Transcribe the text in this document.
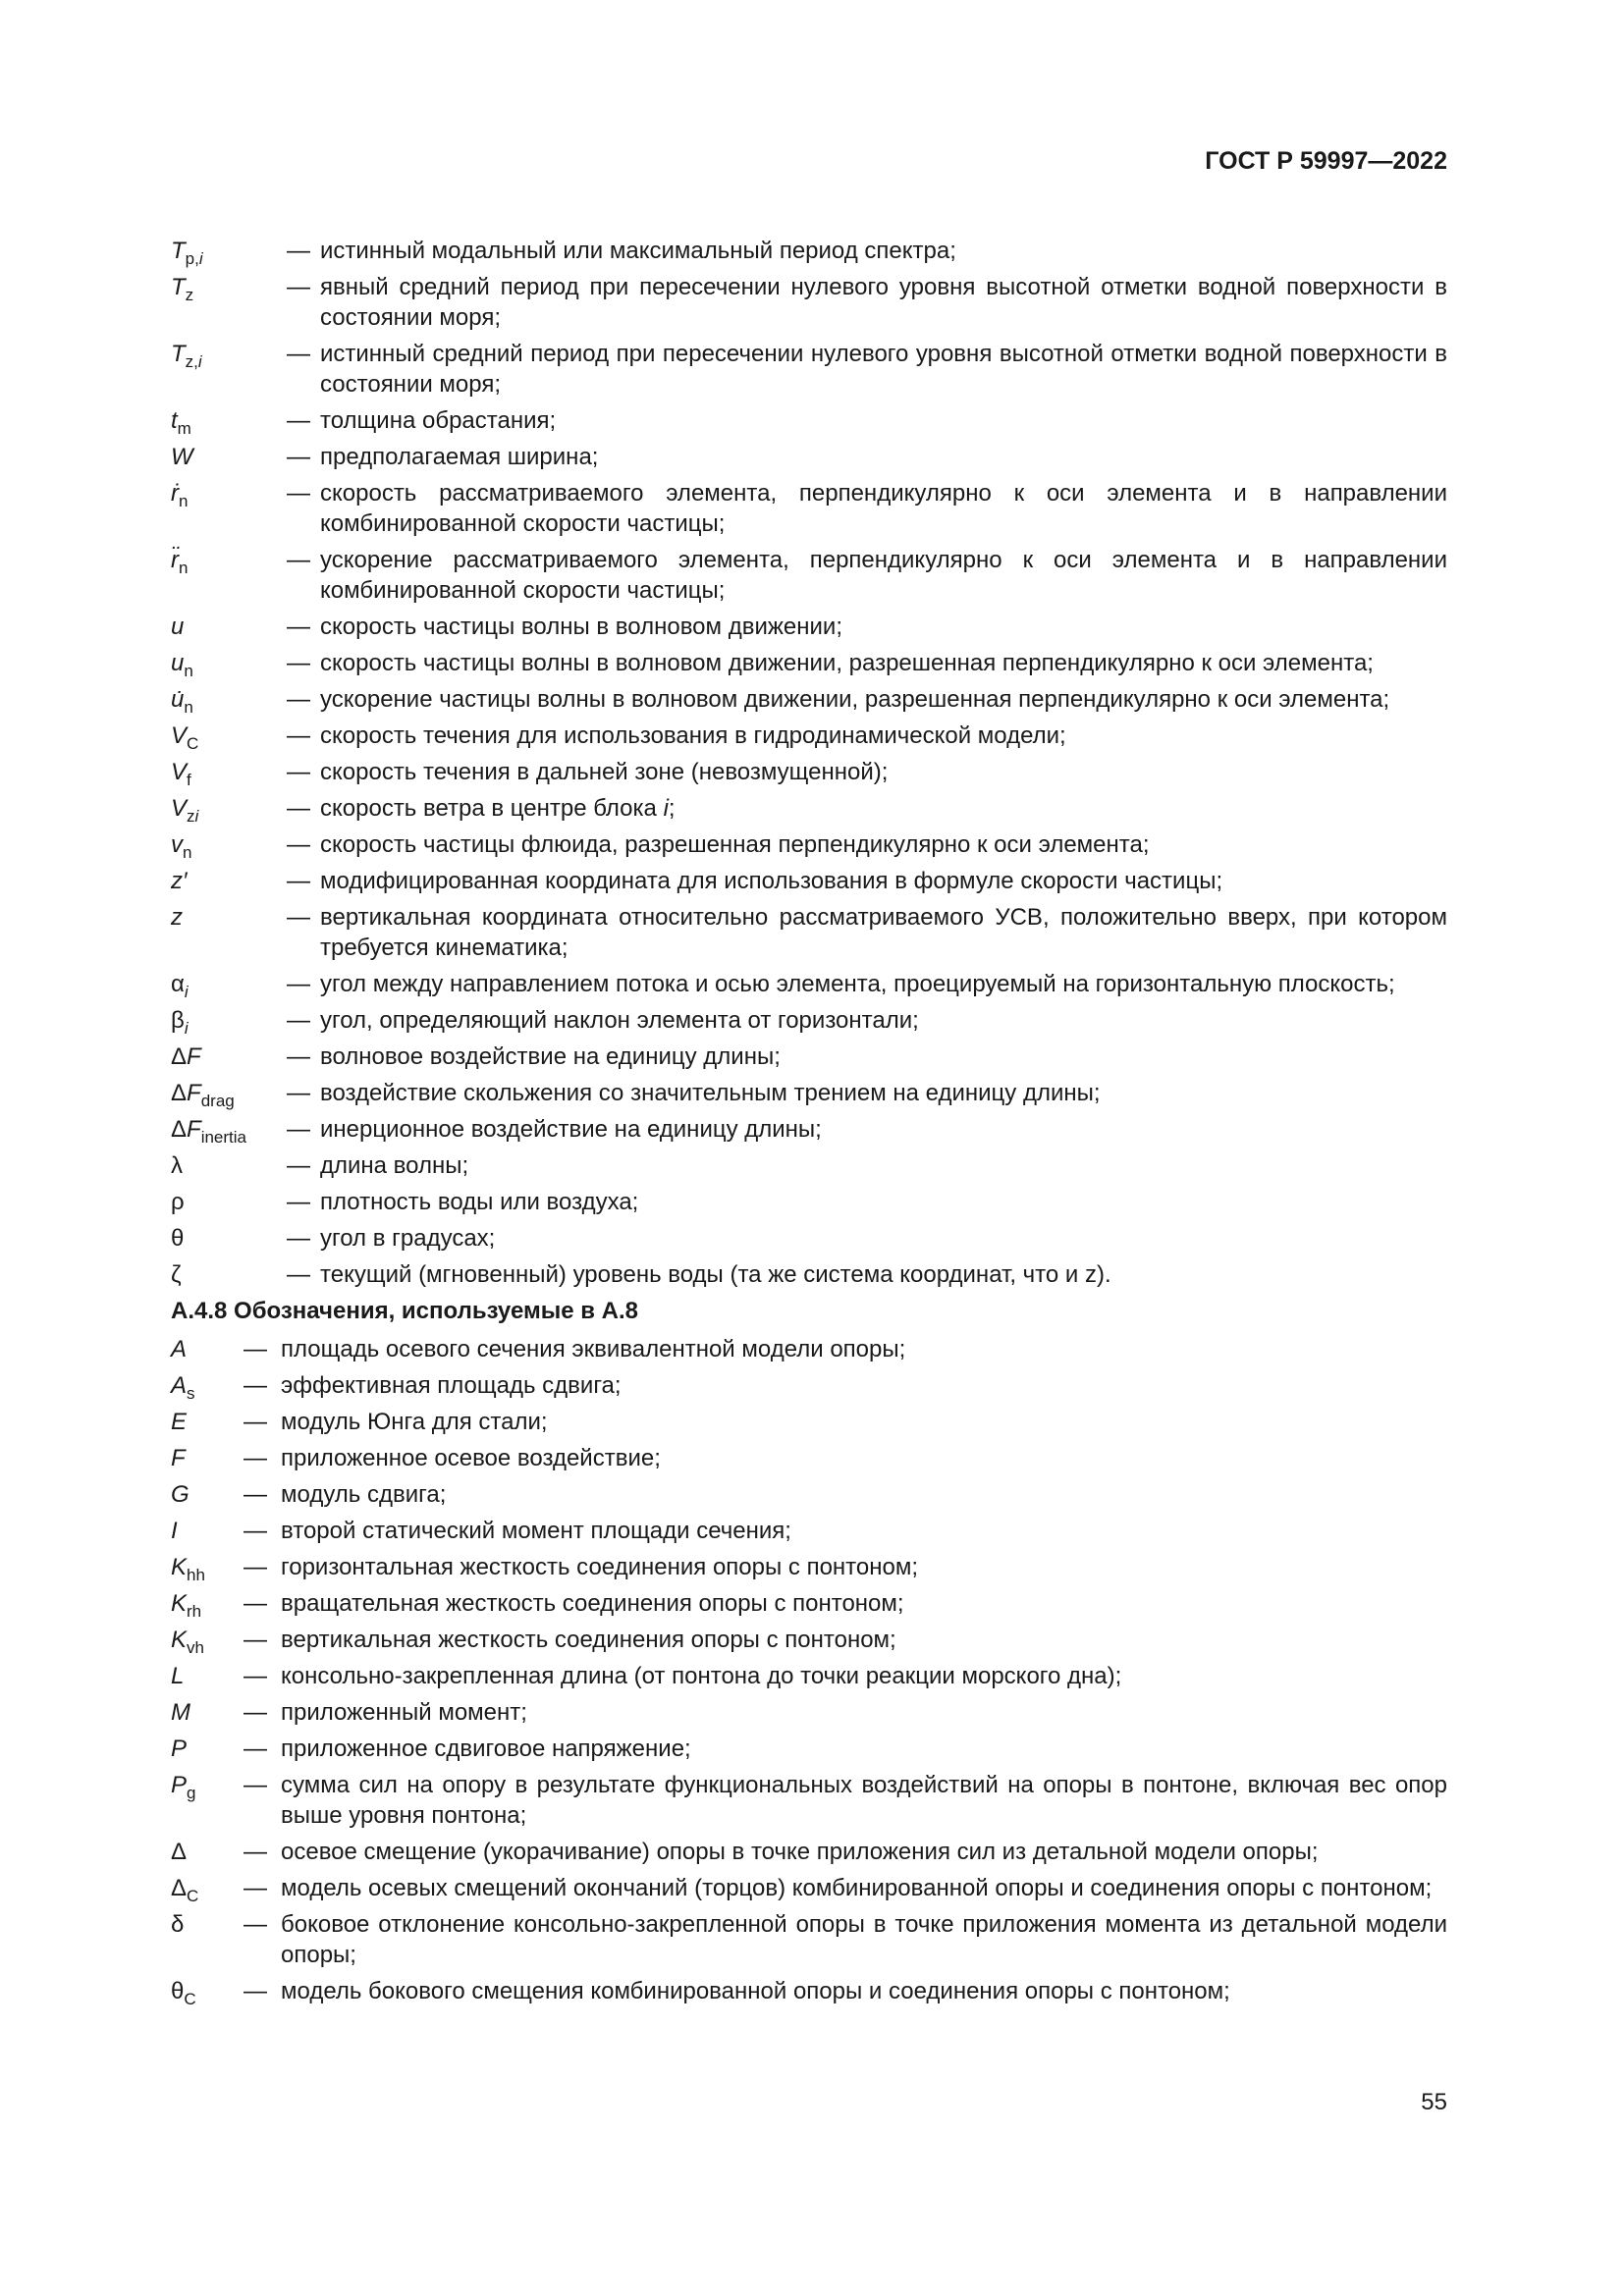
ГОСТ Р 59997—2022
$T_{p,i}$	— истинный модальный или максимальный период спектра;
$T_z$	— явный средний период при пересечении нулевого уровня высотной отметки водной поверхности в состоянии моря;
$T_{z,i}$	— истинный средний период при пересечении нулевого уровня высотной отметки водной поверхности в состоянии моря;
$t_m$	— толщина обрастания;
W	— предполагаемая ширина;
ṙ$_n$	— скорость рассматриваемого элемента, перпендикулярно к оси элемента и в направлении комбинированной скорости частицы;
$r̈_n$	— ускорение рассматриваемого элемента, перпендикулярно к оси элемента и в направлении комбинированной скорости частицы;
u	— скорость частицы волны в волновом движении;
$u_n$	— скорость частицы волны в волновом движении, разрешенная перпендикулярно к оси элемента;
$u̇_n$	— ускорение частицы волны в волновом движении, разрешенная перпендикулярно к оси элемента;
$V_C$	— скорость течения для использования в гидродинамической модели;
$V_f$	— скорость течения в дальней зоне (невозмущенной);
$V_{zi}$	— скорость ветра в центре блока i;
$v_n$	— скорость частицы флюида, разрешенная перпендикулярно к оси элемента;
z′	— модифицированная координата для использования в формуле скорости частицы;
z	— вертикальная координата относительно рассматриваемого УСВ, положительно вверх, при котором требуется кинематика;
$\alpha_i$	— угол между направлением потока и осью элемента, проецируемый на горизонтальную плоскость;
$\beta_i$	— угол, определяющий наклон элемента от горизонтали;
ΔF	— волновое воздействие на единицу длины;
$\Delta F_{drag}$	— воздействие скольжения со значительным трением на единицу длины;
$\Delta F_{inertia}$	— инерционное воздействие на единицу длины;
λ	— длина волны;
ρ	— плотность воды или воздуха;
θ	— угол в градусах;
ζ	— текущий (мгновенный) уровень воды (та же система координат, что и z).
А.4.8 Обозначения, используемые в А.8
A	— площадь осевого сечения эквивалентной модели опоры;
$A_s$	— эффективная площадь сдвига;
E	— модуль Юнга для стали;
F	— приложенное осевое воздействие;
G	— модуль сдвига;
I	— второй статический момент площади сечения;
$K_{hh}$	— горизонтальная жесткость соединения опоры с понтоном;
$K_{rh}$	— вращательная жесткость соединения опоры с понтоном;
$K_{vh}$	— вертикальная жесткость соединения опоры с понтоном;
L	— консольно-закрепленная длина (от понтона до точки реакции морского дна);
M	— приложенный момент;
P	— приложенное сдвиговое напряжение;
$P_g$	— сумма сил на опору в результате функциональных воздействий на опоры в понтоне, включая вес опор выше уровня понтона;
Δ	— осевое смещение (укорачивание) опоры в точке приложения сил из детальной модели опоры;
$\Delta_C$	— модель осевых смещений окончаний (торцов) комбинированной опоры и соединения опоры с понтоном;
δ	— боковое отклонение консольно-закрепленной опоры в точке приложения момента из детальной модели опоры;
$\theta_C$	— модель бокового смещения комбинированной опоры и соединения опоры с понтоном;
55
